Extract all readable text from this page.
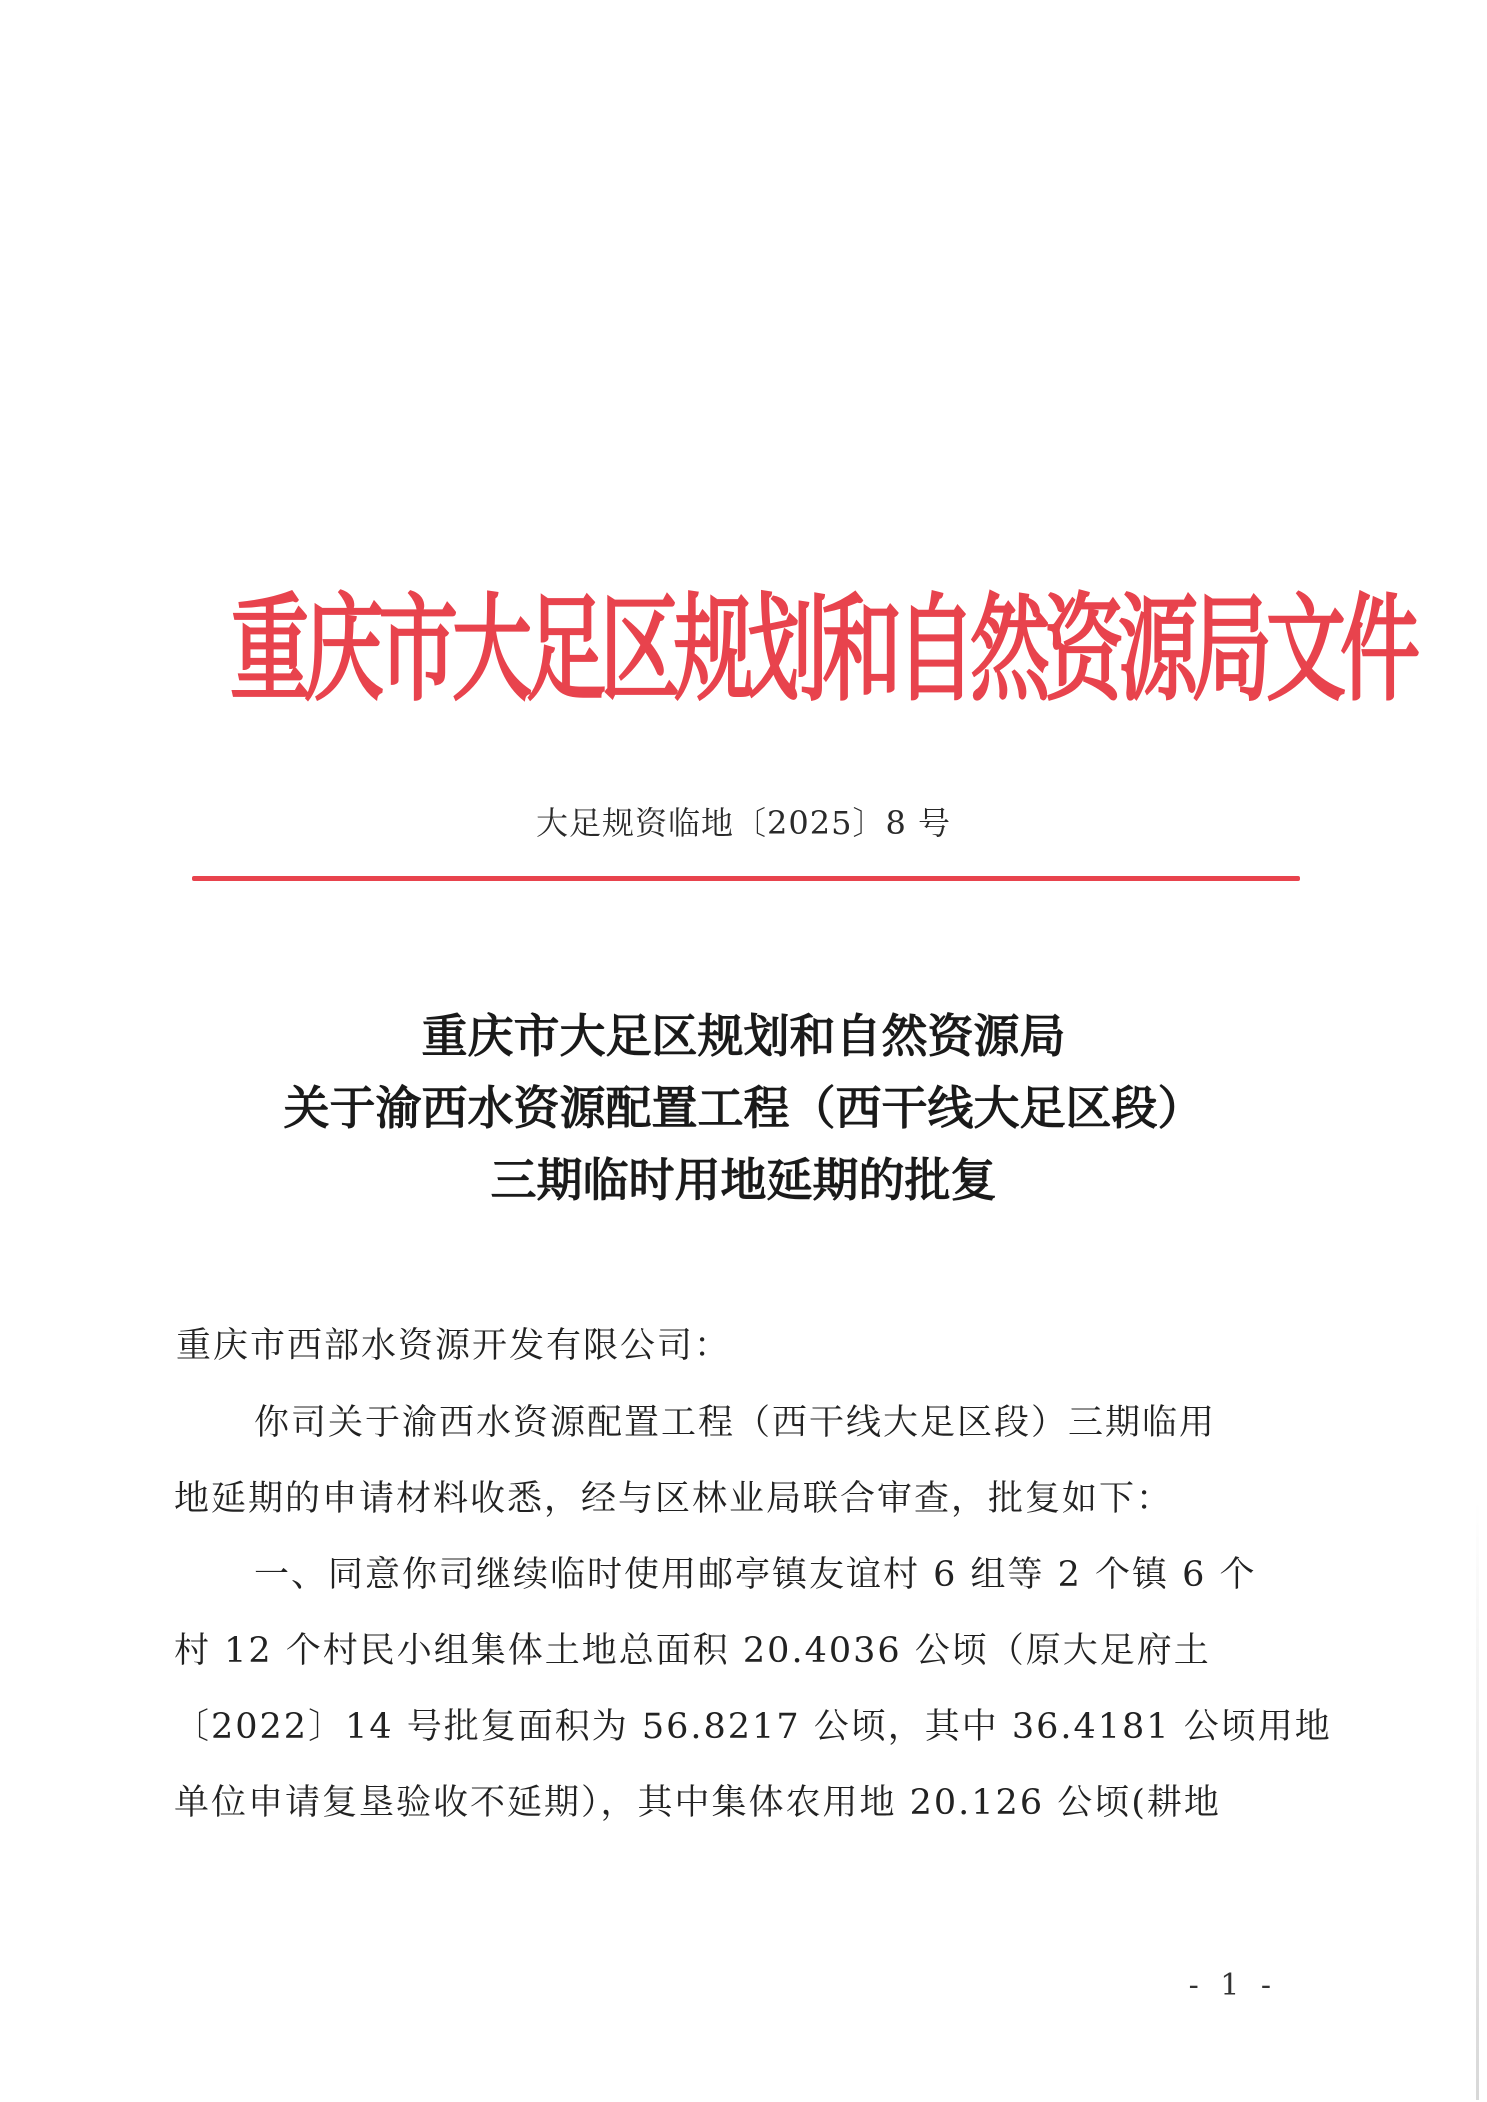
重庆市大足区规划和自然资源局文件
大足规资临地〔2025〕8 号
重庆市大足区规划和自然资源局
关于渝西水资源配置工程（西干线大足区段）
三期临时用地延期的批复
重庆市西部水资源开发有限公司：
你司关于渝西水资源配置工程（西干线大足区段）三期临用
地延期的申请材料收悉，经与区林业局联合审查，批复如下：
一、同意你司继续临时使用邮亭镇友谊村 6 组等 2 个镇 6 个
村 12 个村民小组集体土地总面积 20.4036 公顷（原大足府土
〔2022〕14 号批复面积为 56.8217 公顷，其中 36.4181 公顷用地
单位申请复垦验收不延期），其中集体农用地 20.126 公顷(耕地
- 1 -
